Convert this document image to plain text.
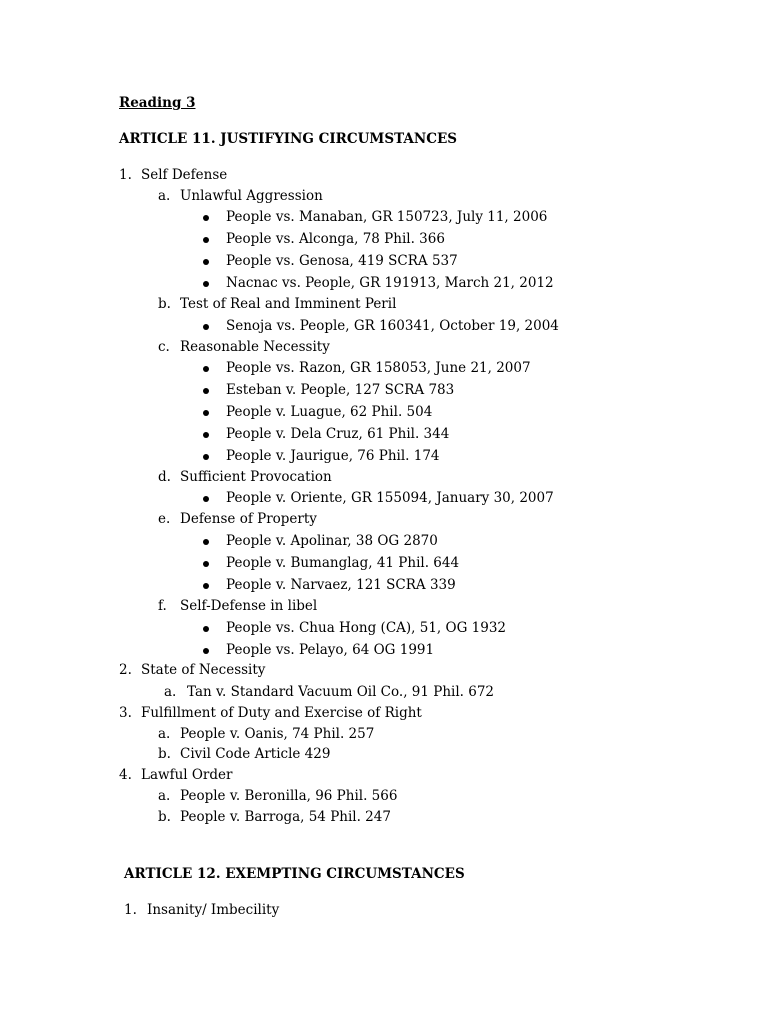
Reading 3
ARTICLE 11. JUSTIFYING CIRCUMSTANCES
1. Self Defense
a. Unlawful Aggression
People vs. Manaban, GR 150723, July 11, 2006
People vs. Alconga, 78 Phil. 366
People vs. Genosa, 419 SCRA 537
Nacnac vs. People, GR 191913, March 21, 2012
b. Test of Real and Imminent Peril
Senoja vs. People, GR 160341, October 19, 2004
c. Reasonable Necessity
People vs. Razon, GR 158053, June 21, 2007
Esteban v. People, 127 SCRA 783
People v. Luague, 62 Phil. 504
People v. Dela Cruz, 61 Phil. 344
People v. Jaurigue, 76 Phil. 174
d. Sufficient Provocation
People v. Oriente, GR 155094, January 30, 2007
e. Defense of Property
People v. Apolinar, 38 OG 2870
People v. Bumanglag, 41 Phil. 644
People v. Narvaez, 121 SCRA 339
f. Self-Defense in libel
People vs. Chua Hong (CA), 51, OG 1932
People vs. Pelayo, 64 OG 1991
2. State of Necessity
a. Tan v. Standard Vacuum Oil Co., 91 Phil. 672
3. Fulfillment of Duty and Exercise of Right
a. People v. Oanis, 74 Phil. 257
b. Civil Code Article 429
4. Lawful Order
a. People v. Beronilla, 96 Phil. 566
b. People v. Barroga, 54 Phil. 247
ARTICLE 12. EXEMPTING CIRCUMSTANCES
1. Insanity/ Imbecility
